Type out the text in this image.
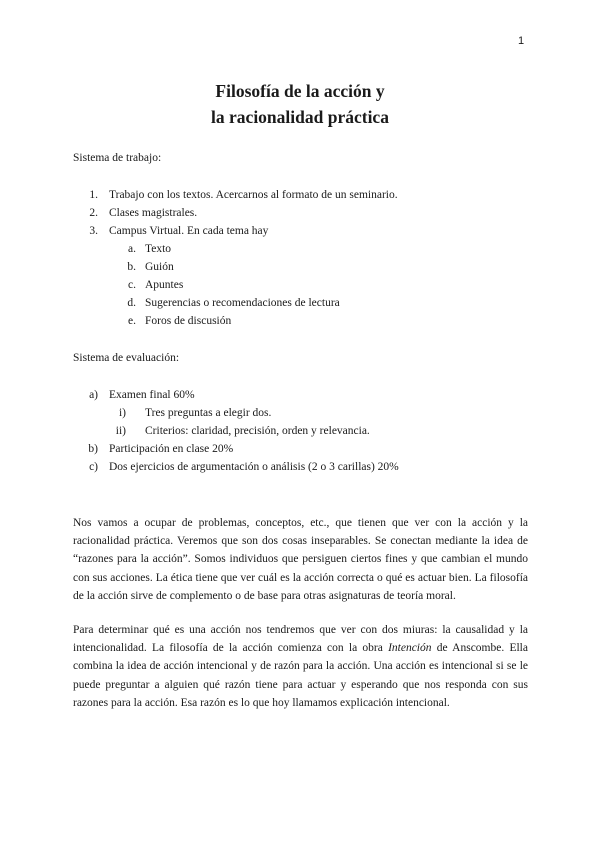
1
Filosofía de la acción y
la racionalidad práctica
Sistema de trabajo:
1. Trabajo con los textos. Acercarnos al formato de un seminario.
2. Clases magistrales.
3. Campus Virtual. En cada tema hay
a. Texto
b. Guión
c. Apuntes
d. Sugerencias o recomendaciones de lectura
e. Foros de discusión
Sistema de evaluación:
a) Examen final 60%
i) Tres preguntas a elegir dos.
ii) Criterios: claridad, precisión, orden y relevancia.
b) Participación en clase 20%
c) Dos ejercicios de argumentación o análisis (2 o 3 carillas) 20%

Nos vamos a ocupar de problemas, conceptos, etc., que tienen que ver con la acción y la racionalidad práctica. Veremos que son dos cosas inseparables. Se conectan mediante la idea de “razones para la acción”. Somos individuos que persiguen ciertos fines y que cambian el mundo con sus acciones. La ética tiene que ver cuál es la acción correcta o qué es actuar bien. La filosofía de la acción sirve de complemento o de base para otras asignaturas de teoría moral.

Para determinar qué es una acción nos tendremos que ver con dos miuras: la causalidad y la intencionalidad. La filosofía de la acción comienza con la obra Intención de Anscombe. Ella combina la idea de acción intencional y de razón para la acción. Una acción es intencional si se le puede preguntar a alguien qué razón tiene para actuar y esperando que nos responda con sus razones para la acción. Esa razón es lo que hoy llamamos explicación intencional.
